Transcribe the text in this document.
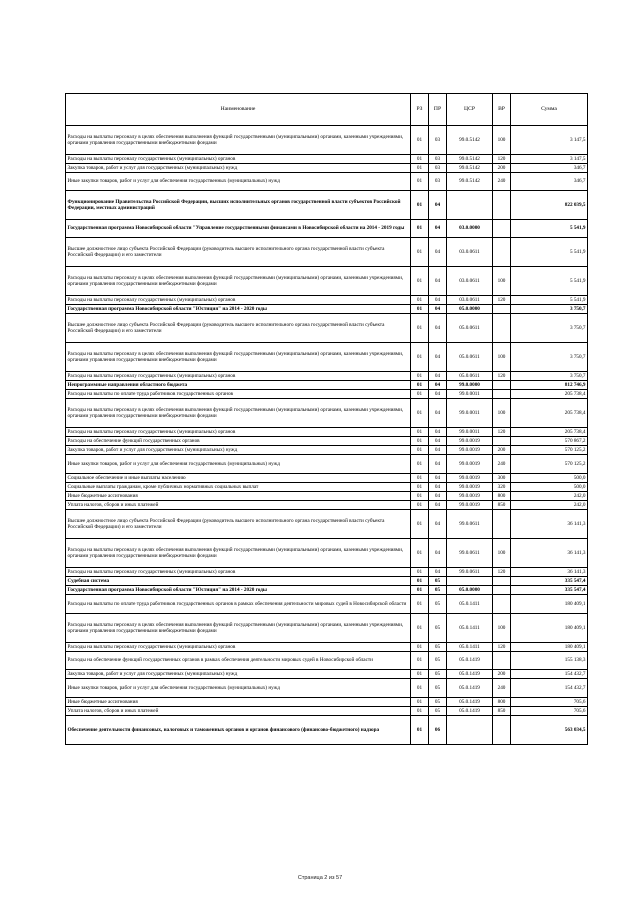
Наименование	РЗ	ПР	ЦСР	ВР	Сумма
Расходы на выплаты персоналу в целях обеспечения выполнения функций государственными (муниципальными) органами, казенными учреждениями, органами управления государственными внебюджетными фондами	01	03	99.0.5142	100	3 147,5
Расходы на выплаты персоналу государственных (муниципальных) органов	01	03	99.0.5142	120	3 147,5
Закупка товаров, работ и услуг для государственных (муниципальных) нужд	01	03	99.0.5142	200	346,7
Иные закупки товаров, работ и услуг для обеспечения государственных (муниципальных) нужд	01	03	99.0.5142	240	346,7
Функционирование Правительства Российской Федерации, высших исполнительных органов государственной власти субъектов Российской Федерации, местных администраций	01	04			822 039,5
Государственная программа Новосибирской области "Управление государственными финансами в Новосибирской области на 2014 - 2019 годы	01	04	03.0.0000		5 541,9
Высшее должностное лицо субъекта Российской Федерации (руководитель высшего исполнительного органа государственной власти субъекта Российской Федерации) и его заместители	01	04	03.0.0611		5 541,9
Расходы на выплаты персоналу в целях обеспечения выполнения функций государственными (муниципальными) органами, казенными учреждениями, органами управления государственными внебюджетными фондами	01	04	03.0.0611	100	5 541,9
Расходы на выплаты персоналу государственных (муниципальных) органов	01	04	03.0.0611	120	5 541,9
Государственная программа Новосибирской области "Юстиция" на 2014 - 2020 годы	01	04	05.0.0000		3 750,7
Высшее должностное лицо субъекта Российской Федерации (руководитель высшего исполнительного органа государственной власти субъекта Российской Федерации) и его заместители	01	04	05.0.0611		3 750,7
Расходы на выплаты персоналу в целях обеспечения выполнения функций государственными (муниципальными) органами, казенными учреждениями, органами управления государственными внебюджетными фондами	01	04	05.0.0611	100	3 750,7
Расходы на выплаты персоналу государственных (муниципальных) органов	01	04	05.0.0611	120	3 750,7
Непрограммные направления областного бюджета	01	04	99.0.0000		812 746,9
Расходы на выплаты по оплате труда работников государственных органов	01	04	99.0.0011		205 738,4
Расходы на выплаты персоналу в целях обеспечения выполнения функций государственными (муниципальными) органами, казенными учреждениями, органами управления государственными внебюджетными фондами	01	04	99.0.0011	100	205 738,4
Расходы на выплаты персоналу государственных (муниципальных) органов	01	04	99.0.0011	120	205 738,4
Расходы на обеспечение функций государственных органов	01	04	99.0.0019		570 867,2
Закупка товаров, работ и услуг для государственных (муниципальных) нужд	01	04	99.0.0019	200	570 125,2
Иные закупки товаров, работ и услуг для обеспечения государственных (муниципальных) нужд	01	04	99.0.0019	240	570 125,2
Социальное обеспечение и иные выплаты населению	01	04	99.0.0019	300	500,0
Социальные выплаты гражданам, кроме публичных нормативных социальных выплат	01	04	99.0.0019	320	500,0
Иные бюджетные ассигнования	01	04	99.0.0019	800	242,0
Уплата налогов, сборов и иных платежей	01	04	99.0.0019	850	242,0
Высшее должностное лицо субъекта Российской Федерации (руководитель высшего исполнительного органа государственной власти субъекта Российской Федерации) и его заместители	01	04	99.0.0611		36 141,3
Расходы на выплаты персоналу в целях обеспечения выполнения функций государственными (муниципальными) органами, казенными учреждениями, органами управления государственными внебюджетными фондами	01	04	99.0.0611	100	36 141,3
Расходы на выплаты персоналу государственных (муниципальных) органов	01	04	99.0.0611	120	36 141,3
Судебная система	01	05			335 547,4
Государственная программа Новосибирской области "Юстиция" на 2014 - 2020 годы	01	05	05.0.0000		335 547,4
Расходы на выплаты по оплате труда работников государственных органов в рамках обеспечения деятельности мировых судей в Новосибирской области	01	05	05.0.1411		180 409,1
Расходы на выплаты персоналу в целях обеспечения выполнения функций государственными (муниципальными) органами, казенными учреждениями, органами управления государственными внебюджетными фондами	01	05	05.0.1411	100	180 409,1
Расходы на выплаты персоналу государственных (муниципальных) органов	01	05	05.0.1411	120	180 409,1
Расходы на обеспечение функций государственных органов в рамках обеспечения деятельности мировых судей в Новосибирской области	01	05	05.0.1419		155 138,3
Закупка товаров, работ и услуг для государственных (муниципальных) нужд	01	05	05.0.1419	200	154 432,7
Иные закупки товаров, работ и услуг для обеспечения государственных (муниципальных) нужд	01	05	05.0.1419	240	154 432,7
Иные бюджетные ассигнования	01	05	05.0.1419	800	705,6
Уплата налогов, сборов и иных платежей	01	05	05.0.1419	850	705,6
Обеспечение деятельности финансовых, налоговых и таможенных органов и органов финансового (финансово-бюджетного) надзора	01	06			563 034,5
Страница 2 из 57
